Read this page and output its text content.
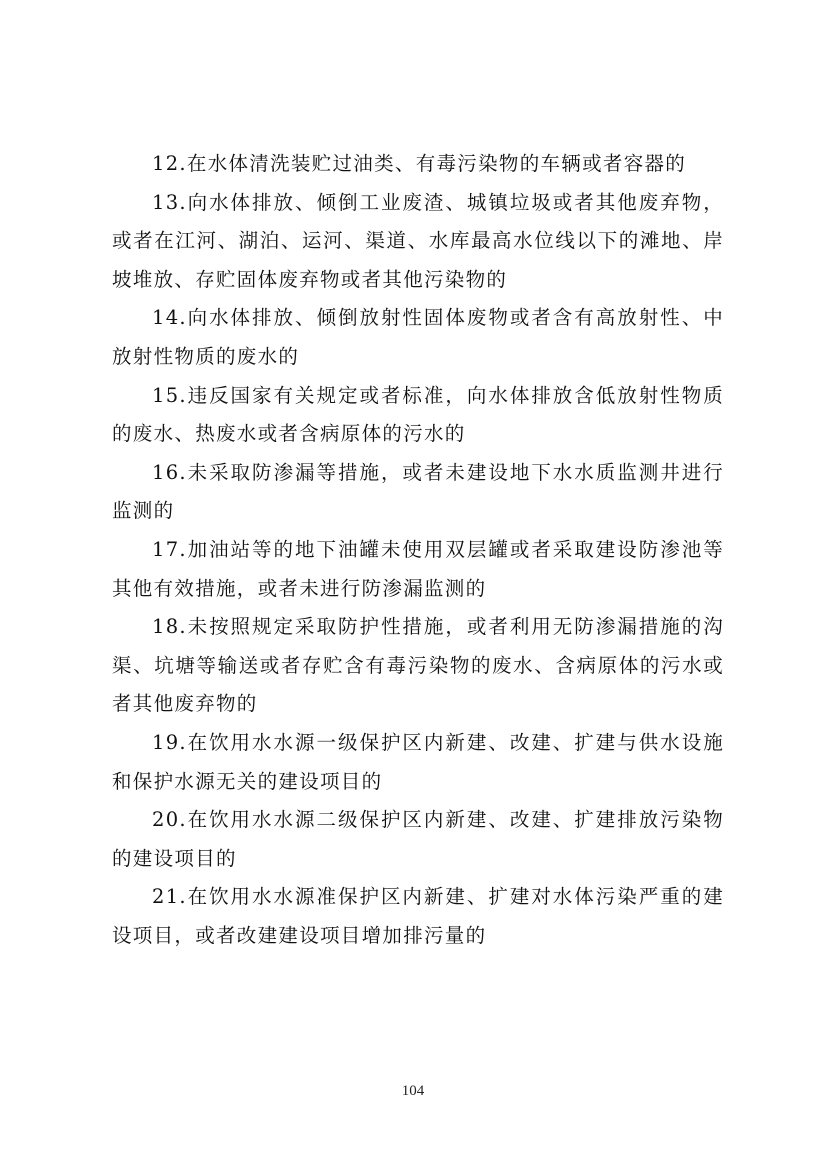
12.在水体清洗装贮过油类、有毒污染物的车辆或者容器的

13.向水体排放、倾倒工业废渣、城镇垃圾或者其他废弃物，或者在江河、湖泊、运河、渠道、水库最高水位线以下的滩地、岸坡堆放、存贮固体废弃物或者其他污染物的

14.向水体排放、倾倒放射性固体废物或者含有高放射性、中放射性物质的废水的

15.违反国家有关规定或者标准，向水体排放含低放射性物质的废水、热废水或者含病原体的污水的

16.未采取防渗漏等措施，或者未建设地下水水质监测井进行监测的

17.加油站等的地下油罐未使用双层罐或者采取建设防渗池等其他有效措施，或者未进行防渗漏监测的

18.未按照规定采取防护性措施，或者利用无防渗漏措施的沟渠、坑塘等输送或者存贮含有毒污染物的废水、含病原体的污水或者其他废弃物的

19.在饮用水水源一级保护区内新建、改建、扩建与供水设施和保护水源无关的建设项目的

20.在饮用水水源二级保护区内新建、改建、扩建排放污染物的建设项目的

21.在饮用水水源准保护区内新建、扩建对水体污染严重的建设项目，或者改建建设项目增加排污量的

104
